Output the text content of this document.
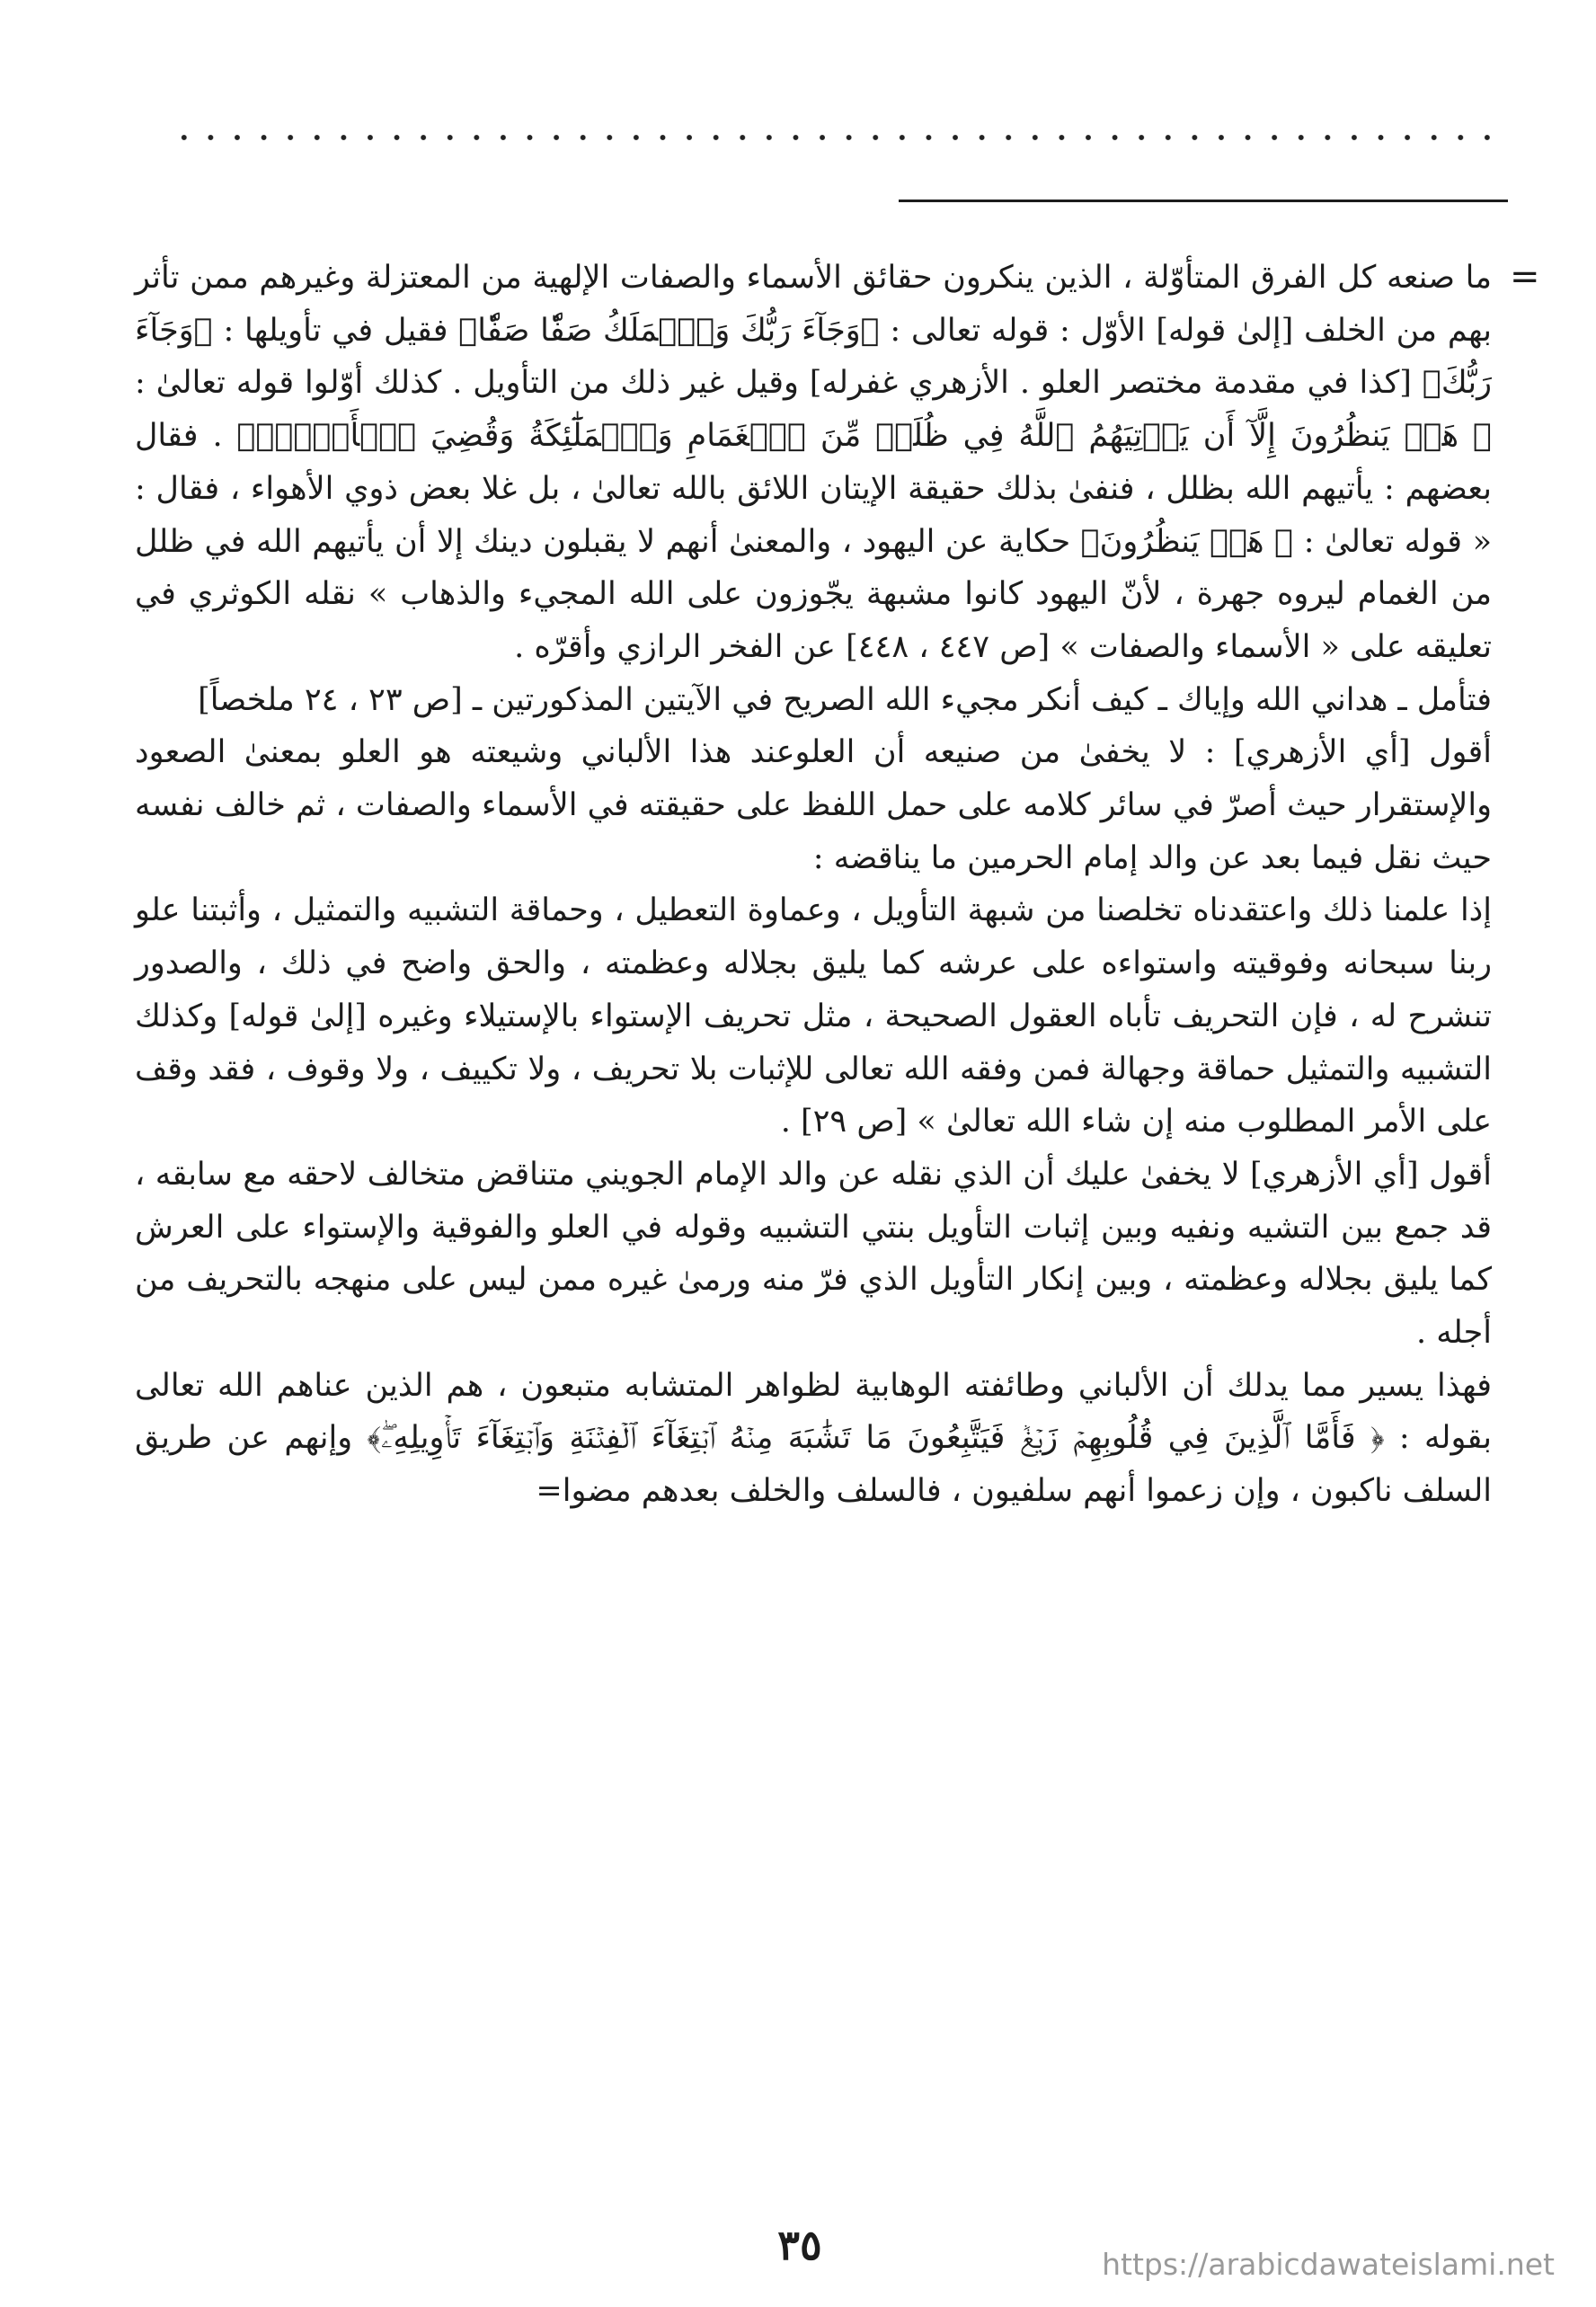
=

ما صنعه كل الفرق المتأوّلة ، الذين ينكرون حقائق الأسماء والصفات الإلهية من المعتزلة وغيرهم ممن تأثر بهم من الخلف [إلىٰ قوله] الأوّل : قوله تعالى : ﴿وَجَآءَ رَبُّكَ وَٱلۡمَلَكُ صَفّٗا صَفّٗا﴾ فقيل في تأويلها : ﴿وَجَآءَ رَبُّكَ﴾ [كذا في مقدمة مختصر العلو . الأزهري غفرله] وقيل غير ذلك من التأويل . كذلك أوّلوا قوله تعالىٰ : ﴿ هَلۡ يَنظُرُونَ إِلَّآ أَن يَأۡتِيَهُمُ ٱللَّهُ فِي ظُلَلٖ مِّنَ ٱلۡغَمَامِ وَٱلۡمَلَٰٓئِكَةُ وَقُضِيَ ٱلۡأَمۡرُۚ﴾ . فقال بعضهم : يأتيهم الله بظلل ، فنفىٰ بذلك حقيقة الإيتان اللائق بالله تعالىٰ ، بل غلا بعض ذوي الأهواء ، فقال : « قوله تعالىٰ : ﴿ هَلۡ يَنظُرُونَ﴾ حكاية عن اليهود ، والمعنىٰ أنهم لا يقبلون دينك إلا أن يأتيهم الله في ظلل من الغمام ليروه جهرة ، لأنّ اليهود كانوا مشبهة يجّوزون على الله المجيء والذهاب » نقله الكوثري في تعليقه على « الأسماء والصفات » [ص ٤٤٧ ، ٤٤٨] عن الفخر الرازي وأقرّه .

فتأمل ـ هداني الله وإياك ـ كيف أنكر مجيء الله الصريح في الآيتين المذكورتين ـ [ص ٢٣ ، ٢٤ ملخصاً]

أقول [أي الأزهري] : لا يخفىٰ من صنيعه أن العلوعند هذا الألباني وشيعته هو العلو بمعنىٰ الصعود والإستقرار حيث أصرّ في سائر كلامه على حمل اللفظ على حقيقته في الأسماء والصفات ، ثم خالف نفسه حيث نقل فيما بعد عن والد إمام الحرمين ما يناقضه :

إذا علمنا ذلك واعتقدناه تخلصنا من شبهة التأويل ، وعماوة التعطيل ، وحماقة التشبيه والتمثيل ، وأثبتنا علو ربنا سبحانه وفوقيته واستواءه على عرشه كما يليق بجلاله وعظمته ، والحق واضح في ذلك ، والصدور تنشرح له ، فإن التحريف تأباه العقول الصحيحة ، مثل تحريف الإستواء بالإستيلاء وغيره [إلىٰ قوله] وكذلك التشبيه والتمثيل حماقة وجهالة فمن وفقه الله تعالى للإثبات بلا تحريف ، ولا تكييف ، ولا وقوف ، فقد وقف على الأمر المطلوب منه إن شاء الله تعالىٰ » [ص ٢٩] .

أقول [أي الأزهري] لا يخفىٰ عليك أن الذي نقله عن والد الإمام الجويني متناقض متخالف لاحقه مع سابقه ، قد جمع بين التشيه ونفيه وبين إثبات التأويل بنتي التشبيه وقوله في العلو والفوقية والإستواء على العرش كما يليق بجلاله وعظمته ، وبين إنكار التأويل الذي فرّ منه ورمىٰ غيره ممن ليس على منهجه بالتحريف من أجله .

فهذا يسير مما يدلك أن الألباني وطائفته الوهابية لظواهر المتشابه متبعون ، هم الذين عناهم الله تعالى بقوله : ﴿ فَأَمَّا ٱلَّذِينَ فِي قُلُوبِهِمۡ زَيۡغٞ فَيَتَّبِعُونَ مَا تَشَٰبَهَ مِنۡهُ ٱبۡتِغَآءَ ٱلۡفِتۡنَةِ وَٱبۡتِغَآءَ تَأۡوِيلِهِۦۖ﴾ وإنهم عن طريق السلف ناكبون ، وإن زعموا أنهم سلفيون ، فالسلف والخلف بعدهم مضوا=

٣٥	https://arabicdawateislami.net
